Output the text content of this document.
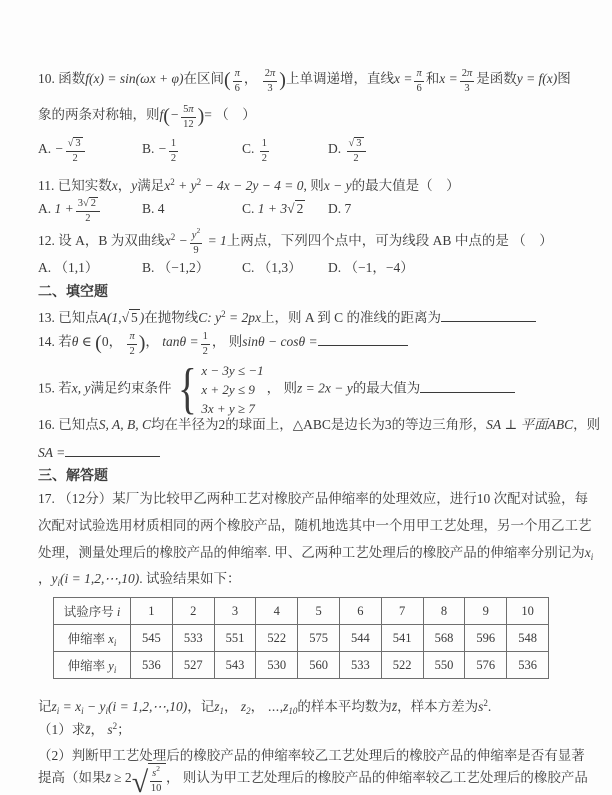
10. 函数f(x) = sin(ωx + φ)在区间( $\frac{\pi}{6}$ ， $\frac{2\pi}{3}$ )上单调递增，直线$x = \frac{\pi}{6}$ 和$x = \frac{2\pi}{3}$ 是函数y = f(x)图
象的两条对称轴，则$f(- \frac{5\pi}{12}$ )= （　）
A. − $\frac{√ 3}{2}$	B. − $\frac{1}{2}$	C. $\frac{1}{2}$	D. $\frac{√ 3}{2}$
11. 已知实数x，y满足$x^2 + y^2 - 4x - 2y - 4 = 0$, 则x − y的最大值是（　）
A. $1 + \frac{3√ 2}{2}$	B. 4	C. 1 + 3√ 2 D. 7
12. 设 A，B 为双曲线$x^2 - \frac{y^2}{9} = 1$上两点，下列四个点中，可为线段 AB 中点的是 （　）
A. （1,1）	B. （−1,2） C. （1,3） D. （−1，−4）
二、填空题
13. 已知点A(1,√ 5 )在抛物线C: $y^2 = 2px$上，则 A 到 C 的准线的距离为
14. 若θ ∈ (0， $\frac{\pi}{2}$ )， $\tan\theta = \frac{1}{2}$ ， 则sinθ − cosθ =
15. 若x, y满足约束条件 { x − 3y ≤ −1
x + 2y ≤ 9
3x + y ≥ 7
， 则z = 2x − y的最大值为
16. 已知点S, A, B, C均在半径为2的球面上，△ABC是边长为3的等边三角形，SA ⊥ 平面ABC，则
SA =
三、解答题
17. （12分）某厂为比较甲乙两种工艺对橡胶产品伸缩率的处理效应，进行10 次配对试验，每
次配对试验选用材质相同的两个橡胶产品，随机地选其中一个用甲工艺处理，另一个用乙工艺
处理，测量处理后的橡胶产品的伸缩率. 甲、乙两种工艺处理后的橡胶产品的伸缩率分别记为$x_i$
，$y_i(i$ = 1,2,⋯,10). 试验结果如下：
试验序号 i	1	2	3	4	5	6	7	8	9	10
伸缩率 $x_i$	545	533	551	522	575	544	541	568	596	548
伸缩率 $y_i$	536	527	543	530	560	533	522	550	576	536
记$z_i = x_i - y_i(i$ = 1,2,⋯,10)，记$z_1$， $z_2$， $\cdots,z_{10}$的样本平均数为z̄，样本方差为$s^2$.
（1）求z̄， $s^2$；
（2）判断甲工艺处理后的橡胶产品的伸缩率较乙工艺处理后的橡胶产品的伸缩率是否有显著
提高（如果z̄ ≥ $2√ \frac{s^2}{10}$ ， 则认为甲工艺处理后的橡胶产品的伸缩率较乙工艺处理后的橡胶产品
